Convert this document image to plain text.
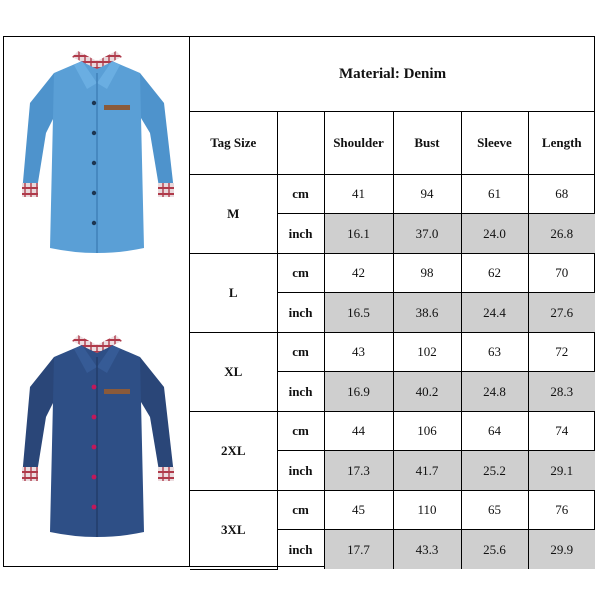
Material: Denim					
Tag Size		Shoulder	Bust	Sleeve	Length
M	cm	41	94	61	68
	inch	16.1	37.0	24.0	26.8
L	cm	42	98	62	70
	inch	16.5	38.6	24.4	27.6
XL	cm	43	102	63	72
	inch	16.9	40.2	24.8	28.3
2XL	cm	44	106	64	74
	inch	17.3	41.7	25.2	29.1
3XL	cm	45	110	65	76
	inch	17.7	43.3	25.6	29.9
